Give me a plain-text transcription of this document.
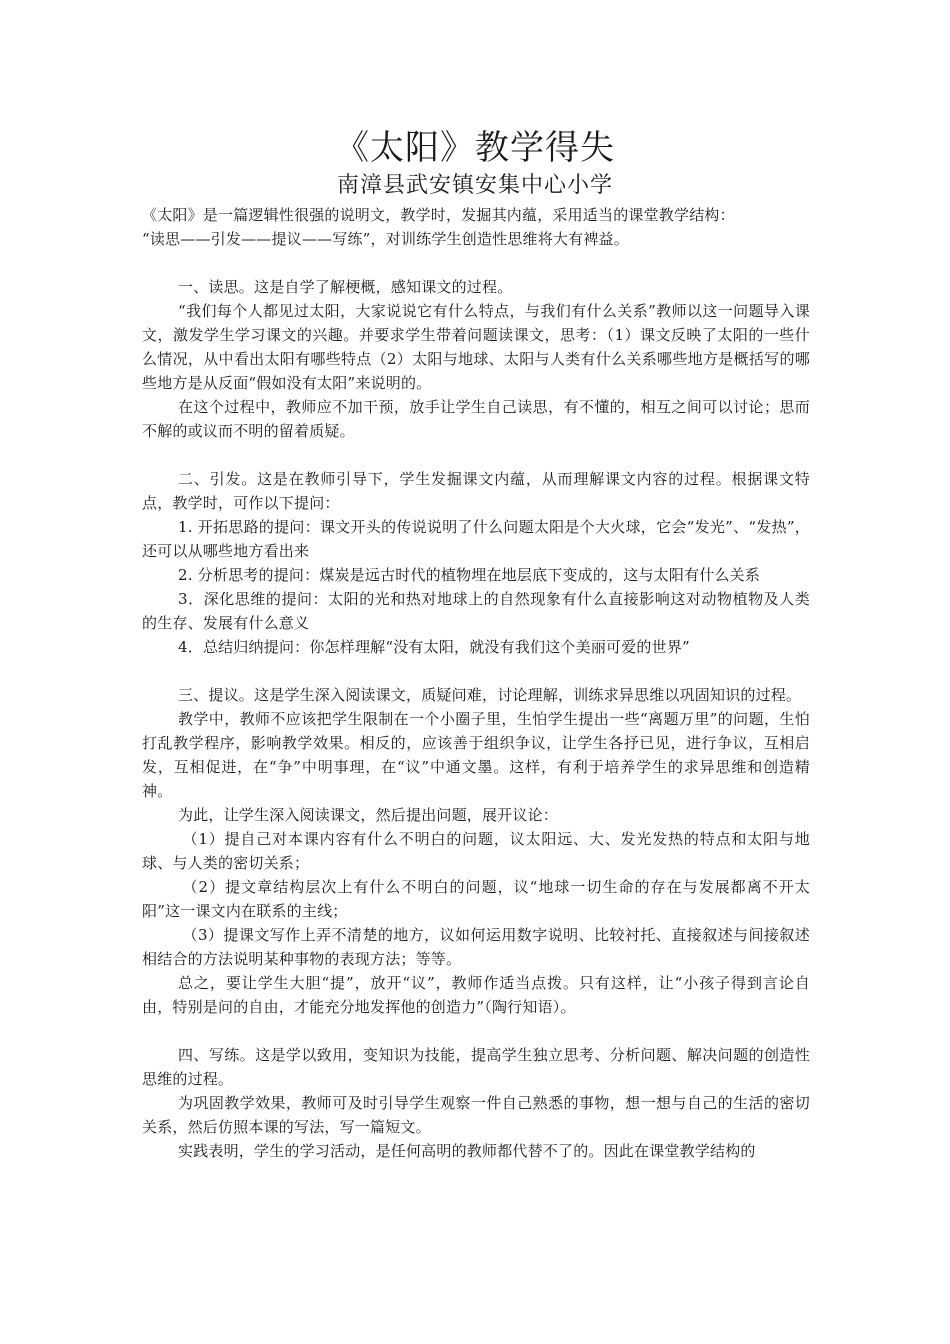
《太阳》教学得失
南漳县武安镇安集中心小学

《太阳》是一篇逻辑性很强的说明文，教学时，发掘其内蕴，采用适当的课堂教学结构：

“读思——引发——提议——写练”，对训练学生创造性思维将大有裨益。

一、读思。这是自学了解梗概，感知课文的过程。

“我们每个人都见过太阳，大家说说它有什么特点，与我们有什么关系”教师以这一问题导入课文，激发学生学习课文的兴趣。并要求学生带着问题读课文，思考：（1）课文反映了太阳的一些什么情况，从中看出太阳有哪些特点（2）太阳与地球、太阳与人类有什么关系哪些地方是概括写的哪些地方是从反面“假如没有太阳”来说明的。

在这个过程中，教师应不加干预，放手让学生自己读思，有不懂的，相互之间可以讨论；思而不解的或议而不明的留着质疑。

二、引发。这是在教师引导下，学生发掘课文内蕴，从而理解课文内容的过程。根据课文特点，教学时，可作以下提问：

1. 开拓思路的提问：课文开头的传说说明了什么问题太阳是个大火球，它会“发光”、“发热”，还可以从哪些地方看出来

2. 分析思考的提问：煤炭是远古时代的植物埋在地层底下变成的，这与太阳有什么关系

3．深化思维的提问：太阳的光和热对地球上的自然现象有什么直接影响这对动物植物及人类的生存、发展有什么意义

4．总结归纳提问：你怎样理解“没有太阳，就没有我们这个美丽可爱的世界”

三、提议。这是学生深入阅读课文，质疑问难，讨论理解，训练求异思维以巩固知识的过程。

教学中，教师不应该把学生限制在一个小圈子里，生怕学生提出一些“离题万里”的问题，生怕打乱教学程序，影响教学效果。相反的，应该善于组织争议，让学生各抒已见，进行争议，互相启发，互相促进，在“争”中明事理，在“议”中通文墨。这样，有利于培养学生的求异思维和创造精神。

为此，让学生深入阅读课文，然后提出问题，展开议论：

（1）提自己对本课内容有什么不明白的问题，议太阳远、大、发光发热的特点和太阳与地球、与人类的密切关系；

（2）提文章结构层次上有什么不明白的问题，议“地球一切生命的存在与发展都离不开太阳”这一课文内在联系的主线；

（3）提课文写作上弄不清楚的地方，议如何运用数字说明、比较衬托、直接叙述与间接叙述相结合的方法说明某种事物的表现方法；等等。

总之，要让学生大胆“提”，放开“议”，教师作适当点拨。只有这样，让“小孩子得到言论自由，特别是问的自由，才能充分地发挥他的创造力”（陶行知语）。

四、写练。这是学以致用，变知识为技能，提高学生独立思考、分析问题、解决问题的创造性思维的过程。

为巩固教学效果，教师可及时引导学生观察一件自己熟悉的事物，想一想与自己的生活的密切关系，然后仿照本课的写法，写一篇短文。

实践表明，学生的学习活动，是任何高明的教师都代替不了的。因此在课堂教学结构的
